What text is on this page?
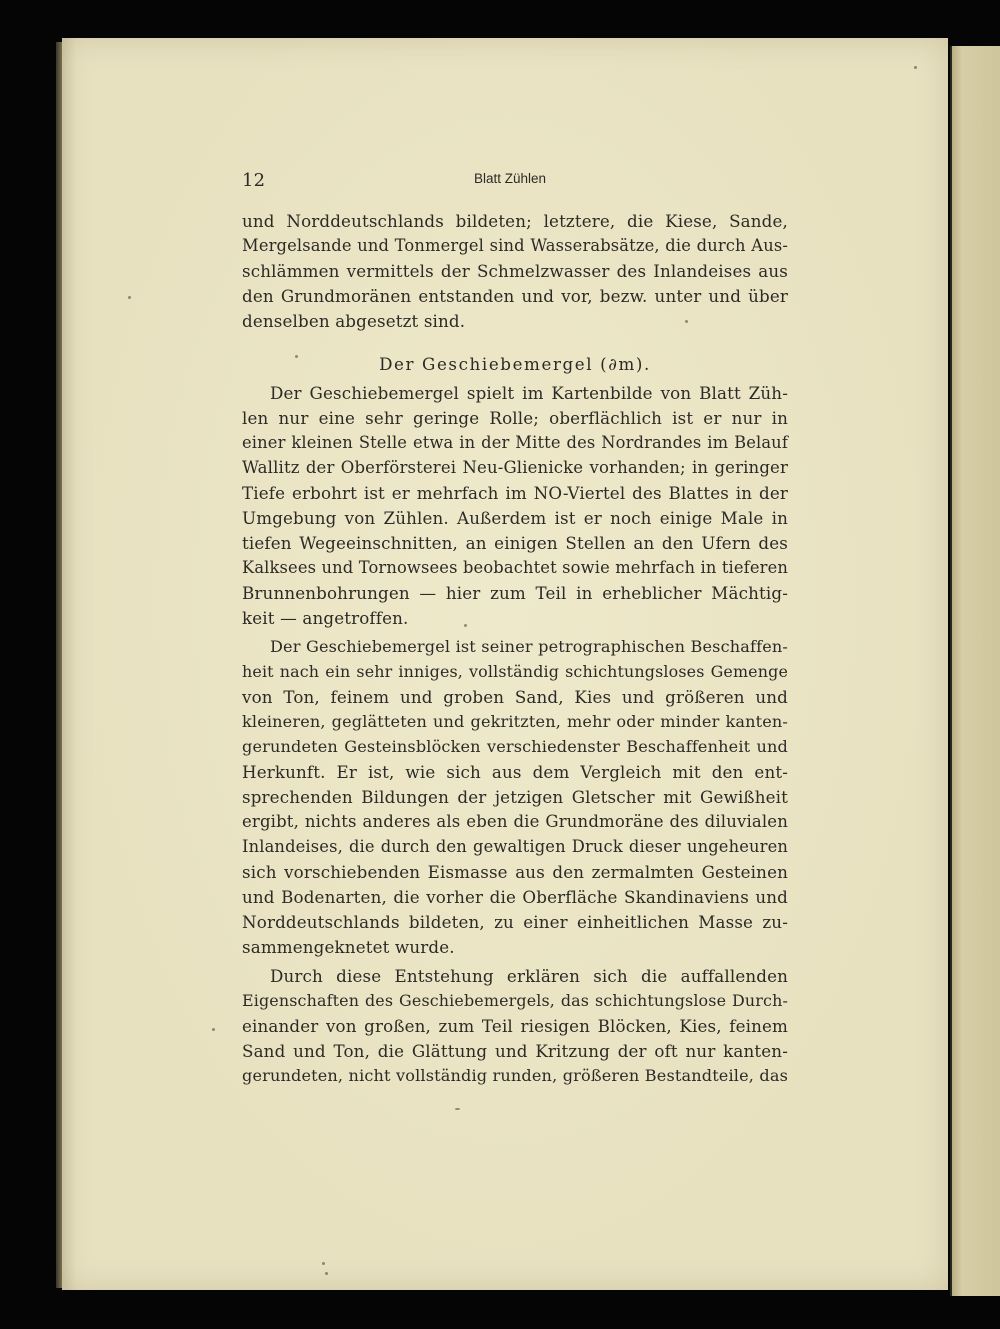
12	Blatt Zühlen
und Norddeutschlands bildeten; letztere, die Kiese, Sande,
Mergelsande und Tonmergel sind Wasserabsätze, die durch Aus-
schlämmen vermittels der Schmelzwasser des Inlandeises aus
den Grundmoränen entstanden und vor, bezw. unter und über
denselben abgesetzt sind.
Der Geschiebemergel (∂m).
Der Geschiebemergel spielt im Kartenbilde von Blatt Züh-
len nur eine sehr geringe Rolle; oberflächlich ist er nur in
einer kleinen Stelle etwa in der Mitte des Nordrandes im Belauf
Wallitz der Oberförsterei Neu-Glienicke vorhanden; in geringer
Tiefe erbohrt ist er mehrfach im NO-Viertel des Blattes in der
Umgebung von Zühlen. Außerdem ist er noch einige Male in
tiefen Wegeeinschnitten, an einigen Stellen an den Ufern des
Kalksees und Tornowsees beobachtet sowie mehrfach in tieferen
Brunnenbohrungen — hier zum Teil in erheblicher Mächtig-
keit — angetroffen.
Der Geschiebemergel ist seiner petrographischen Beschaffen-
heit nach ein sehr inniges, vollständig schichtungsloses Gemenge
von Ton, feinem und groben Sand, Kies und größeren und
kleineren, geglätteten und gekritzten, mehr oder minder kanten-
gerundeten Gesteinsblöcken verschiedenster Beschaffenheit und
Herkunft. Er ist, wie sich aus dem Vergleich mit den ent-
sprechenden Bildungen der jetzigen Gletscher mit Gewißheit
ergibt, nichts anderes als eben die Grundmoräne des diluvialen
Inlandeises, die durch den gewaltigen Druck dieser ungeheuren
sich vorschiebenden Eismasse aus den zermalmten Gesteinen
und Bodenarten, die vorher die Oberfläche Skandinaviens und
Norddeutschlands bildeten, zu einer einheitlichen Masse zu-
sammengeknetet wurde.
Durch diese Entstehung erklären sich die auffallenden
Eigenschaften des Geschiebemergels, das schichtungslose Durch-
einander von großen, zum Teil riesigen Blöcken, Kies, feinem
Sand und Ton, die Glättung und Kritzung der oft nur kanten-
gerundeten, nicht vollständig runden, größeren Bestandteile, das
